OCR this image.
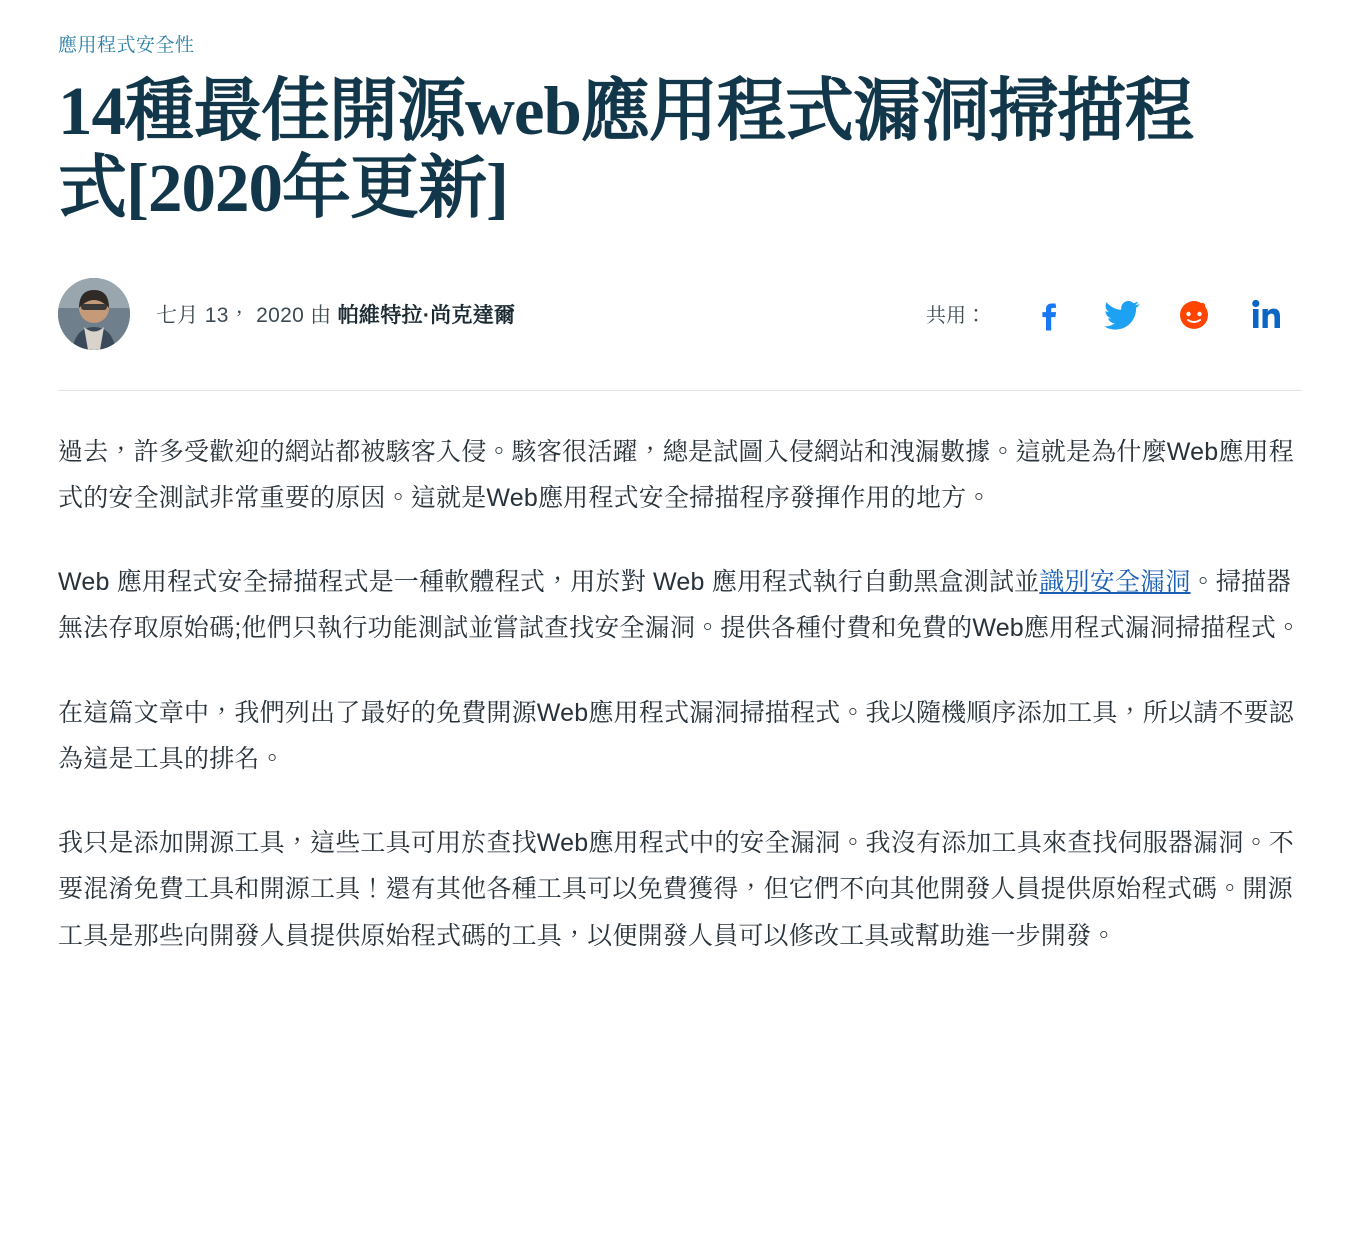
應用程式安全性
14種最佳開源web應用程式漏洞掃描程式[2020年更新]
七月 13， 2020 由 帕維特拉·尚克達爾	共用：

過去，許多受歡迎的網站都被駭客入侵。駭客很活躍，總是試圖入侵網站和洩漏數據。這就是為什麼Web應用程式的安全測試非常重要的原因。這就是Web應用程式安全掃描程序發揮作用的地方。

Web 應用程式安全掃描程式是一種軟體程式，用於對 Web 應用程式執行自動黑盒測試並識別安全漏洞。掃描器無法存取原始碼;他們只執行功能測試並嘗試查找安全漏洞。提供各種付費和免費的Web應用程式漏洞掃描程式。

在這篇文章中，我們列出了最好的免費開源Web應用程式漏洞掃描程式。我以隨機順序添加工具，所以請不要認為這是工具的排名。

我只是添加開源工具，這些工具可用於查找Web應用程式中的安全漏洞。我沒有添加工具來查找伺服器漏洞。不要混淆免費工具和開源工具！還有其他各種工具可以免費獲得，但它們不向其他開發人員提供原始程式碼。開源工具是那些向開發人員提供原始程式碼的工具，以便開發人員可以修改工具或幫助進一步開發。
